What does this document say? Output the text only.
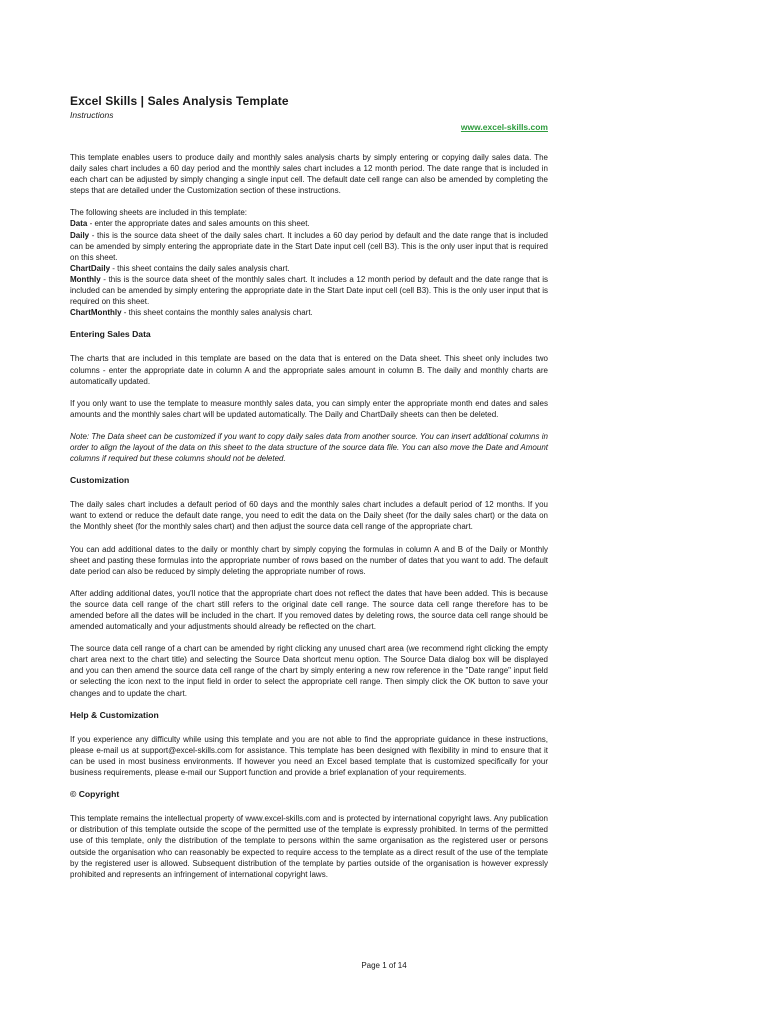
Excel Skills | Sales Analysis Template
Instructions
www.excel-skills.com

This template enables users to produce daily and monthly sales analysis charts by simply entering or copying daily sales data. The daily sales chart includes a 60 day period and the monthly sales chart includes a 12 month period. The date range that is included in each chart can be adjusted by simply changing a single input cell. The default date cell range can also be amended by completing the steps that are detailed under the Customization section of these instructions.

The following sheets are included in this template:
Data - enter the appropriate dates and sales amounts on this sheet.
Daily - this is the source data sheet of the daily sales chart. It includes a 60 day period by default and the date range that is included can be amended by simply entering the appropriate date in the Start Date input cell (cell B3). This is the only user input that is required on this sheet.
ChartDaily - this sheet contains the daily sales analysis chart.
Monthly - this is the source data sheet of the monthly sales chart. It includes a 12 month period by default and the date range that is included can be amended by simply entering the appropriate date in the Start Date input cell (cell B3). This is the only user input that is required on this sheet.
ChartMonthly - this sheet contains the monthly sales analysis chart.
Entering Sales Data

The charts that are included in this template are based on the data that is entered on the Data sheet. This sheet only includes two columns - enter the appropriate date in column A and the appropriate sales amount in column B. The daily and monthly charts are automatically updated.

If you only want to use the template to measure monthly sales data, you can simply enter the appropriate month end dates and sales amounts and the monthly sales chart will be updated automatically. The Daily and ChartDaily sheets can then be deleted.

Note: The Data sheet can be customized if you want to copy daily sales data from another source. You can insert additional columns in order to align the layout of the data on this sheet to the data structure of the source data file. You can also move the Date and Amount columns if required but these columns should not be deleted.

Customization

The daily sales chart includes a default period of 60 days and the monthly sales chart includes a default period of 12 months. If you want to extend or reduce the default date range, you need to edit the data on the Daily sheet (for the daily sales chart) or the data on the Monthly sheet (for the monthly sales chart) and then adjust the source data cell range of the appropriate chart.

You can add additional dates to the daily or monthly chart by simply copying the formulas in column A and B of the Daily or Monthly sheet and pasting these formulas into the appropriate number of rows based on the number of dates that you want to add. The default date period can also be reduced by simply deleting the appropriate number of rows.

After adding additional dates, you'll notice that the appropriate chart does not reflect the dates that have been added. This is because the source data cell range of the chart still refers to the original date cell range. The source data cell range therefore has to be amended before all the dates will be included in the chart. If you removed dates by deleting rows, the source data cell range should be amended automatically and your adjustments should already be reflected on the chart.

The source data cell range of a chart can be amended by right clicking any unused chart area (we recommend right clicking the empty chart area next to the chart title) and selecting the Source Data shortcut menu option. The Source Data dialog box will be displayed and you can then amend the source data cell range of the chart by simply entering a new row reference in the "Date range" input field or selecting the icon next to the input field in order to select the appropriate cell range. Then simply click the OK button to save your changes and to update the chart.

Help & Customization

If you experience any difficulty while using this template and you are not able to find the appropriate guidance in these instructions, please e-mail us at support@excel-skills.com for assistance. This template has been designed with flexibility in mind to ensure that it can be used in most business environments. If however you need an Excel based template that is customized specifically for your business requirements, please e-mail our Support function and provide a brief explanation of your requirements.

© Copyright

This template remains the intellectual property of www.excel-skills.com and is protected by international copyright laws. Any publication or distribution of this template outside the scope of the permitted use of the template is expressly prohibited. In terms of the permitted use of this template, only the distribution of the template to persons within the same organisation as the registered user or persons outside the organisation who can reasonably be expected to require access to the template as a direct result of the use of the template by the registered user is allowed. Subsequent distribution of the template by parties outside of the organisation is however expressly prohibited and represents an infringement of international copyright laws.

Page 1 of 14
